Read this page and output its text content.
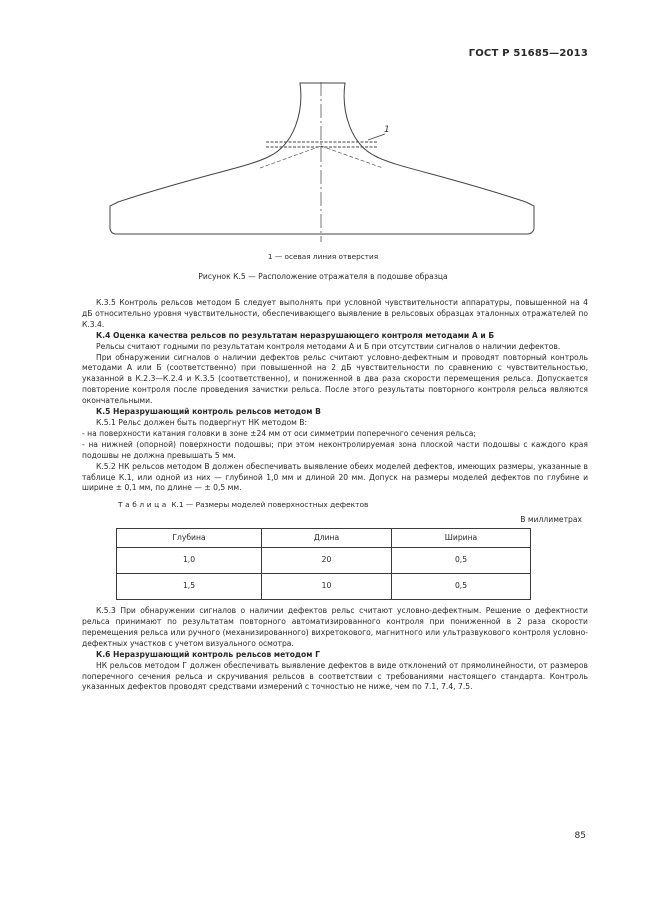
ГОСТ Р 51685—2013
1
1 — осевая линия отверстия
Рисунок К.5 — Расположение отражателя в подошве образца

К.3.5 Контроль рельсов методом Б следует выполнять при условной чувствительности аппаратуры, повышенной на 4 дБ относительно уровня чувствительности, обеспечивающего выявление в рельсовых образцах эталонных отражателей по К.3.4.

К.4 Оценка качества рельсов по результатам неразрушающего контроля методами А и Б

Рельсы считают годными по результатам контроля методами А и Б при отсутствии сигналов о наличии дефектов.

При обнаружении сигналов о наличии дефектов рельс считают условно-дефектным и проводят повторный контроль методами А или Б (соответственно) при повышенной на 2 дБ чувствительности по сравнению с чувствительностью, указанной в К.2.3—К.2.4 и К.3.5 (соответственно), и пониженной в два раза скорости перемещения рельса. Допускается повторение контроля после проведения зачистки рельса. После этого результаты повторного контроля рельса являются окончательными.

К.5 Неразрушающий контроль рельсов методом В

К.5.1 Рельс должен быть подвергнут НК методом В:

- на поверхности катания головки в зоне ±24 мм от оси симметрии поперечного сечения рельса;

- на нижней (опорной) поверхности подошвы; при этом неконтролируемая зона плоской части подошвы с каждого края подошвы не должна превышать 5 мм.

К.5.2 НК рельсов методом В должен обеспечивать выявление обеих моделей дефектов, имеющих размеры, указанные в таблице К.1, или одной из них — глубиной 1,0 мм и длиной 20 мм. Допуск на размеры моделей дефектов по глубине и ширине ± 0,1 мм, по длине — ± 0,5 мм.

Таблица К.1 — Размеры моделей поверхностных дефектов
В миллиметрах
Глубина	Длина	Ширина
1,0	20	0,5
1,5	10	0,5

К.5.3 При обнаружении сигналов о наличии дефектов рельс считают условно-дефектным. Решение о дефектности рельса принимают по результатам повторного автоматизированного контроля при пониженной в 2 раза скорости перемещения рельса или ручного (механизированного) вихретокового, магнитного или ультразвукового контроля условно-дефектных участков с учетом визуального осмотра.

К.6 Неразрушающий контроль рельсов методом Г

НК рельсов методом Г должен обеспечивать выявление дефектов в виде отклонений от прямолинейности, от размеров поперечного сечения рельса и скручивания рельсов в соответствии с требованиями настоящего стандарта. Контроль указанных дефектов проводят средствами измерений с точностью не ниже, чем по 7.1, 7.4, 7.5.

85
